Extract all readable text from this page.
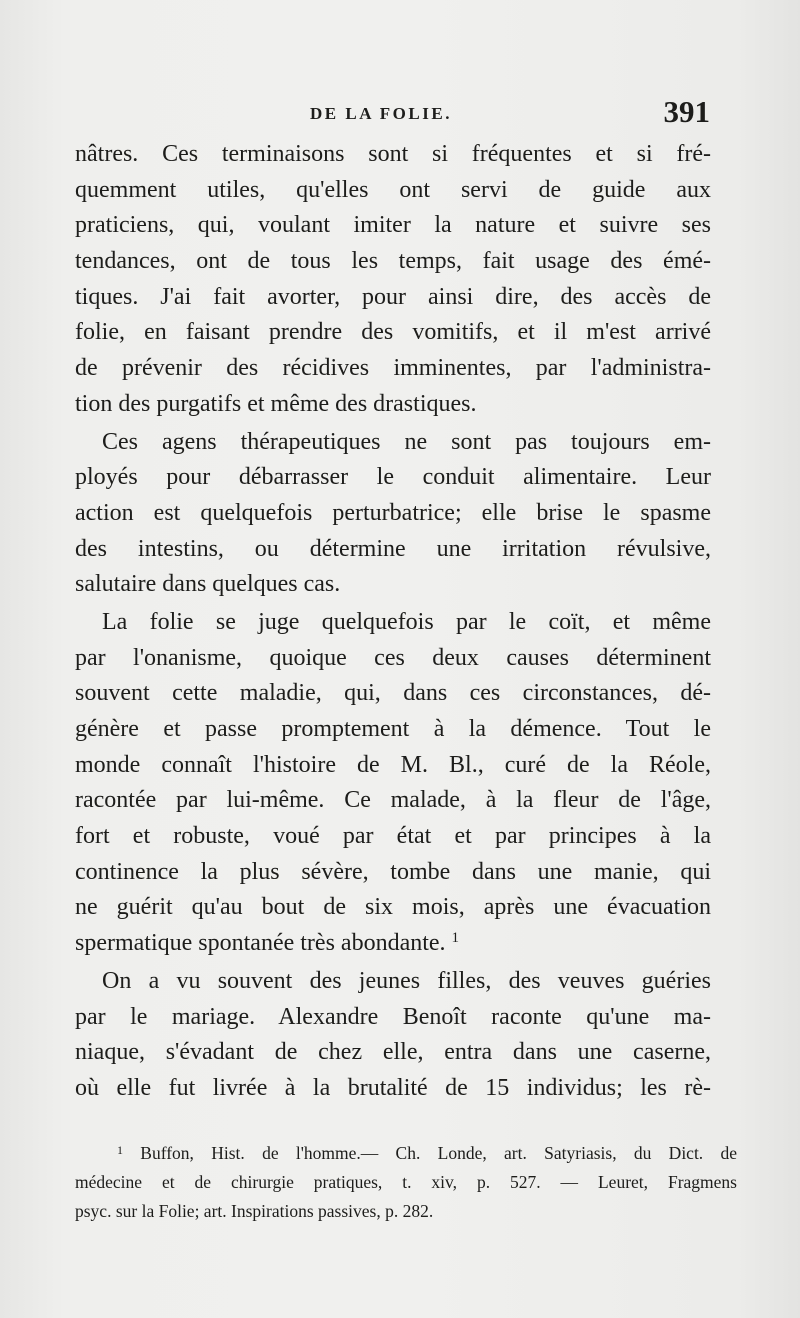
DE LA FOLIE.	391
nâtres. Ces terminaisons sont si fréquentes et si fré-
quemment utiles, qu'elles ont servi de guide aux
praticiens, qui, voulant imiter la nature et suivre ses
tendances, ont de tous les temps, fait usage des émé-
tiques. J'ai fait avorter, pour ainsi dire, des accès de
folie, en faisant prendre des vomitifs, et il m'est arrivé
de prévenir des récidives imminentes, par l'administra-
tion des purgatifs et même des drastiques.
Ces agens thérapeutiques ne sont pas toujours em-
ployés pour débarrasser le conduit alimentaire. Leur
action est quelquefois perturbatrice; elle brise le spasme
des intestins, ou détermine une irritation révulsive,
salutaire dans quelques cas.
La folie se juge quelquefois par le coït, et même
par l'onanisme, quoique ces deux causes déterminent
souvent cette maladie, qui, dans ces circonstances, dé-
génère et passe promptement à la démence. Tout le
monde connaît l'histoire de M. Bl., curé de la Réole,
racontée par lui-même. Ce malade, à la fleur de l'âge,
fort et robuste, voué par état et par principes à la
continence la plus sévère, tombe dans une manie, qui
ne guérit qu'au bout de six mois, après une évacuation
spermatique spontanée très abondante. $^1$
On a vu souvent des jeunes filles, des veuves guéries
par le mariage. Alexandre Benoît raconte qu'une ma-
niaque, s'évadant de chez elle, entra dans une caserne,
où elle fut livrée à la brutalité de 15 individus; les rè-
$^1$ Buffon, Hist. de l'homme.— Ch. Londe, art. Satyriasis, du Dict. de
médecine et de chirurgie pratiques, t. xiv, p. 527. — Leuret, Fragmens
psyc. sur la Folie; art. Inspirations passives, p. 282.
